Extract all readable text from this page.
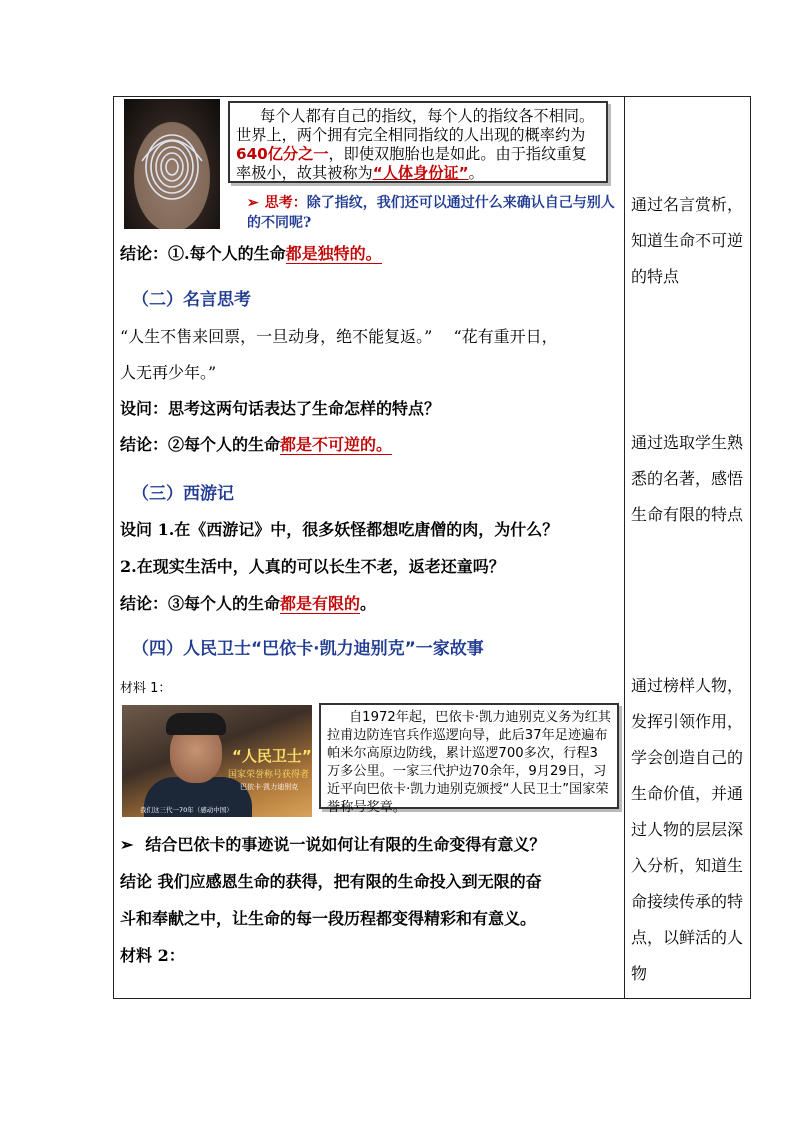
每个人都有自己的指纹，每个人的指纹各不相同。世界上，两个拥有完全相同指纹的人出现的概率约为640亿分之一，即使双胞胎也是如此。由于指纹重复率极小，故其被称为“人体身份证”。
➢ 思考：除了指纹，我们还可以通过什么来确认自己与别人的不同呢?
结论：①.每个人的生命都是独特的。
（二）名言思考
“人生不售来回票，一旦动身，绝不能复返。”　 “花有重开日，
人无再少年。”
设问：思考这两句话表达了生命怎样的特点？
结论：②每个人的生命都是不可逆的。
（三）西游记
设问 1.在《西游记》中，很多妖怪都想吃唐僧的肉，为什么？
2.在现实生活中，人真的可以长生不老，返老还童吗？
结论：③每个人的生命都是有限的。
（四）人民卫士“巴依卡·凯力迪别克”一家故事
材料 1：
“人民卫士”
国家荣誉称号获得者
巴依卡·凯力迪别克
我们这三代一70年（感动中国）
自1972年起，巴依卡·凯力迪别克义务为红其拉甫边防连官兵作巡逻向导，此后37年足迹遍布帕米尔高原边防线，累计巡逻700多次，行程3万多公里。一家三代护边70余年，9月29日，习近平向巴依卡·凯力迪别克颁授“人民卫士”国家荣誉称号奖章。
➢ 结合巴依卡的事迹说一说如何让有限的生命变得有意义？
结论 我们应感恩生命的获得，把有限的生命投入到无限的奋
斗和奉献之中，让生命的每一段历程都变得精彩和有意义。
材料 2：
通过名言赏析，知道生命不可逆的特点
通过选取学生熟悉的名著，感悟生命有限的特点
通过榜样人物，发挥引领作用，学会创造自己的生命价值，并通过人物的层层深入分析，知道生命接续传承的特点，以鲜活的人物
